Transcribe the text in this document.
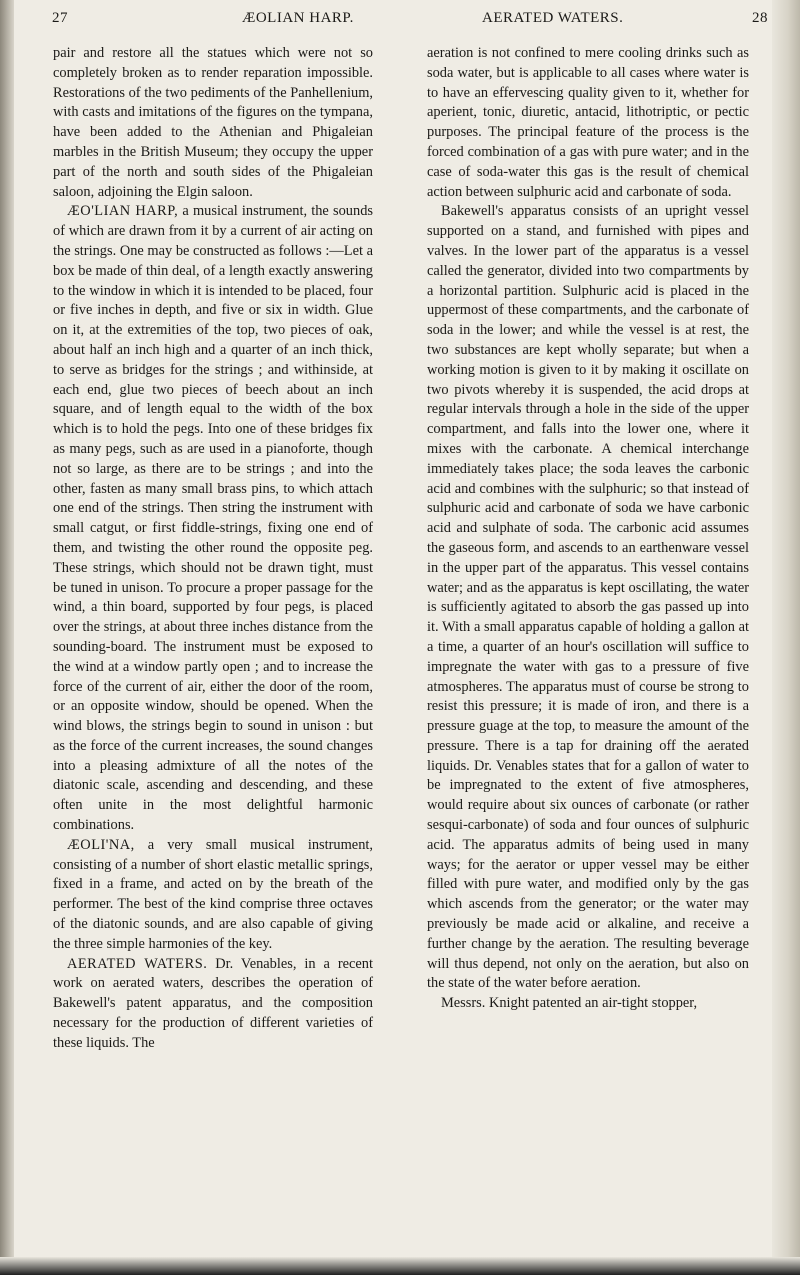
27	ÆOLIAN HARP.	AERATED WATERS.	28

pair and restore all the statues which were not so completely broken as to render reparation impossible. Restorations of the two pediments of the Panhellenium, with casts and imitations of the figures on the tympana, have been added to the Athenian and Phigaleian marbles in the British Museum; they occupy the upper part of the north and south sides of the Phigaleian saloon, adjoining the Elgin saloon.

ÆO'LIAN HARP, a musical instrument, the sounds of which are drawn from it by a current of air acting on the strings. One may be constructed as follows :—Let a box be made of thin deal, of a length exactly answering to the window in which it is intended to be placed, four or five inches in depth, and five or six in width. Glue on it, at the extremities of the top, two pieces of oak, about half an inch high and a quarter of an inch thick, to serve as bridges for the strings ; and withinside, at each end, glue two pieces of beech about an inch square, and of length equal to the width of the box which is to hold the pegs. Into one of these bridges fix as many pegs, such as are used in a pianoforte, though not so large, as there are to be strings ; and into the other, fasten as many small brass pins, to which attach one end of the strings. Then string the instrument with small catgut, or first fiddle-strings, fixing one end of them, and twisting the other round the opposite peg. These strings, which should not be drawn tight, must be tuned in unison. To procure a proper passage for the wind, a thin board, supported by four pegs, is placed over the strings, at about three inches distance from the sounding-board. The instrument must be exposed to the wind at a window partly open ; and to increase the force of the current of air, either the door of the room, or an opposite window, should be opened. When the wind blows, the strings begin to sound in unison : but as the force of the current increases, the sound changes into a pleasing admixture of all the notes of the diatonic scale, ascending and descending, and these often unite in the most delightful harmonic combinations.

ÆOLI'NA, a very small musical instrument, consisting of a number of short elastic metallic springs, fixed in a frame, and acted on by the breath of the performer. The best of the kind comprise three octaves of the diatonic sounds, and are also capable of giving the three simple harmonies of the key.

AERATED WATERS. Dr. Venables, in a recent work on aerated waters, describes the operation of Bakewell's patent apparatus, and the composition necessary for the production of different varieties of these liquids. The

aeration is not confined to mere cooling drinks such as soda water, but is applicable to all cases where water is to have an effervescing quality given to it, whether for aperient, tonic, diuretic, antacid, lithotriptic, or pectic purposes. The principal feature of the process is the forced combination of a gas with pure water; and in the case of soda-water this gas is the result of chemical action between sulphuric acid and carbonate of soda.

Bakewell's apparatus consists of an upright vessel supported on a stand, and furnished with pipes and valves. In the lower part of the apparatus is a vessel called the generator, divided into two compartments by a horizontal partition. Sulphuric acid is placed in the uppermost of these compartments, and the carbonate of soda in the lower; and while the vessel is at rest, the two substances are kept wholly separate; but when a working motion is given to it by making it oscillate on two pivots whereby it is suspended, the acid drops at regular intervals through a hole in the side of the upper compartment, and falls into the lower one, where it mixes with the carbonate. A chemical interchange immediately takes place; the soda leaves the carbonic acid and combines with the sulphuric; so that instead of sulphuric acid and carbonate of soda we have carbonic acid and sulphate of soda. The carbonic acid assumes the gaseous form, and ascends to an earthenware vessel in the upper part of the apparatus. This vessel contains water; and as the apparatus is kept oscillating, the water is sufficiently agitated to absorb the gas passed up into it. With a small apparatus capable of holding a gallon at a time, a quarter of an hour's oscillation will suffice to impregnate the water with gas to a pressure of five atmospheres. The apparatus must of course be strong to resist this pressure; it is made of iron, and there is a pressure guage at the top, to measure the amount of the pressure. There is a tap for draining off the aerated liquids. Dr. Venables states that for a gallon of water to be impregnated to the extent of five atmospheres, would require about six ounces of carbonate (or rather sesqui-carbonate) of soda and four ounces of sulphuric acid. The apparatus admits of being used in many ways; for the aerator or upper vessel may be either filled with pure water, and modified only by the gas which ascends from the generator; or the water may previously be made acid or alkaline, and receive a further change by the aeration. The resulting beverage will thus depend, not only on the aeration, but also on the state of the water before aeration.

Messrs. Knight patented an air-tight stopper,
